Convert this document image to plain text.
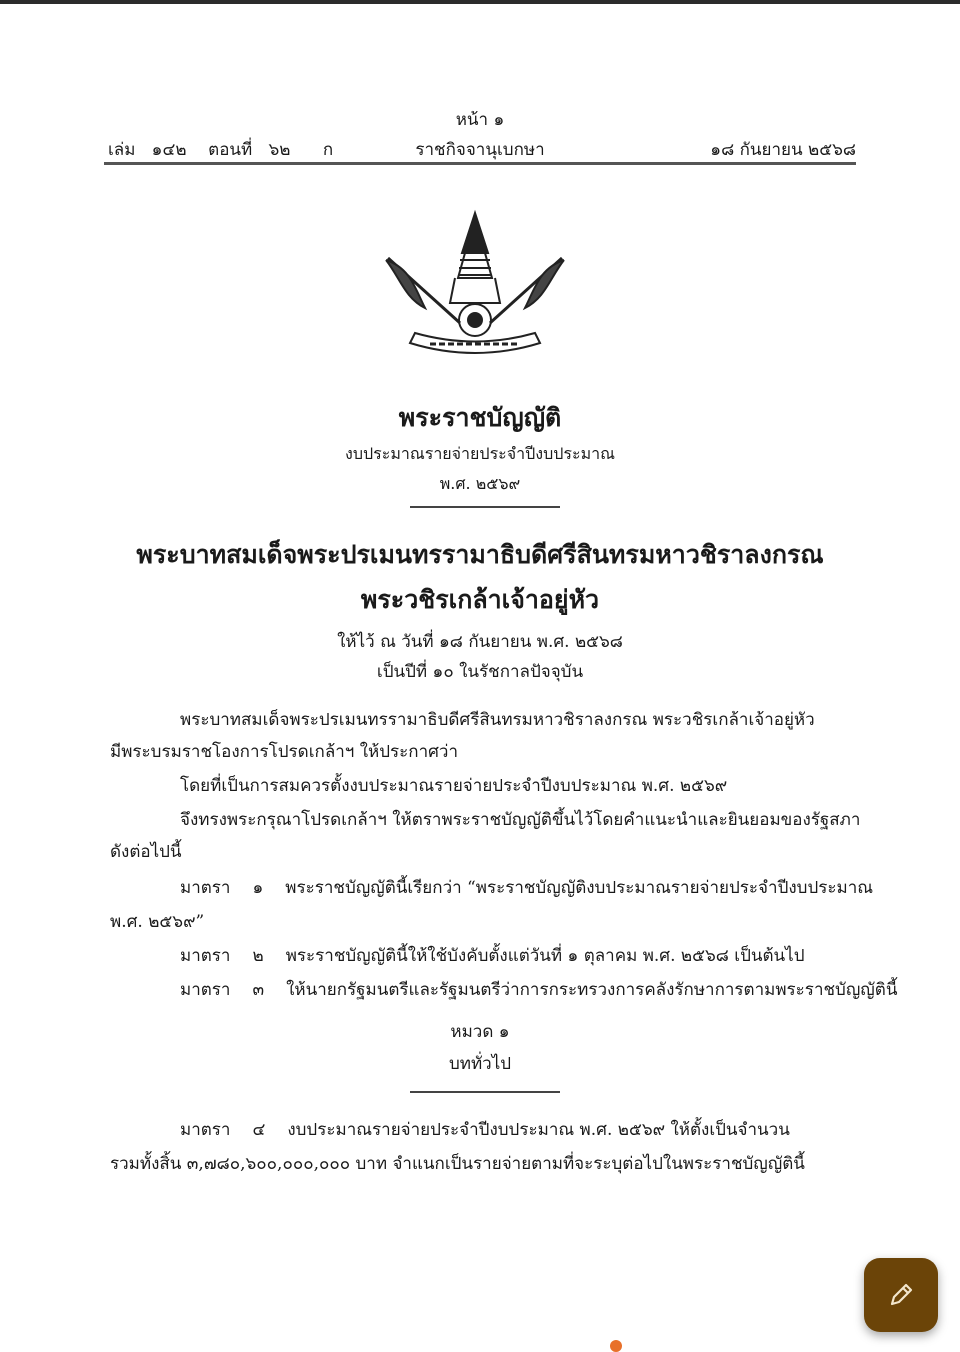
หน้า ๑
เล่ม ๑๔๒ ตอนที่ ๖๒ ก	ราชกิจจานุเบกษา	๑๘ กันยายน ๒๕๖๘
พระราชบัญญัติ
งบประมาณรายจ่ายประจำปีงบประมาณ
พ.ศ. ๒๕๖๙
พระบาทสมเด็จพระปรเมนทรรามาธิบดีศรีสินทรมหาวชิราลงกรณ
พระวชิรเกล้าเจ้าอยู่หัว
ให้ไว้ ณ วันที่ ๑๘ กันยายน พ.ศ. ๒๕๖๘
เป็นปีที่ ๑๐ ในรัชกาลปัจจุบัน
พระบาทสมเด็จพระปรเมนทรรามาธิบดีศรีสินทรมหาวชิราลงกรณ พระวชิรเกล้าเจ้าอยู่หัว
มีพระบรมราชโองการโปรดเกล้าฯ ให้ประกาศว่า
โดยที่เป็นการสมควรตั้งงบประมาณรายจ่ายประจำปีงบประมาณ พ.ศ. ๒๕๖๙
จึงทรงพระกรุณาโปรดเกล้าฯ ให้ตราพระราชบัญญัติขึ้นไว้โดยคำแนะนำและยินยอมของรัฐสภา
ดังต่อไปนี้
มาตรา ๑ พระราชบัญญัตินี้เรียกว่า “พระราชบัญญัติงบประมาณรายจ่ายประจำปีงบประมาณ
พ.ศ. ๒๕๖๙”
มาตรา ๒ พระราชบัญญัตินี้ให้ใช้บังคับตั้งแต่วันที่ ๑ ตุลาคม พ.ศ. ๒๕๖๘ เป็นต้นไป
มาตรา ๓ ให้นายกรัฐมนตรีและรัฐมนตรีว่าการกระทรวงการคลังรักษาการตามพระราชบัญญัตินี้
หมวด ๑
บททั่วไป
มาตรา ๔ งบประมาณรายจ่ายประจำปีงบประมาณ พ.ศ. ๒๕๖๙ ให้ตั้งเป็นจำนวน
รวมทั้งสิ้น ๓,๗๘๐,๖๐๐,๐๐๐,๐๐๐ บาท จำแนกเป็นรายจ่ายตามที่จะระบุต่อไปในพระราชบัญญัตินี้
